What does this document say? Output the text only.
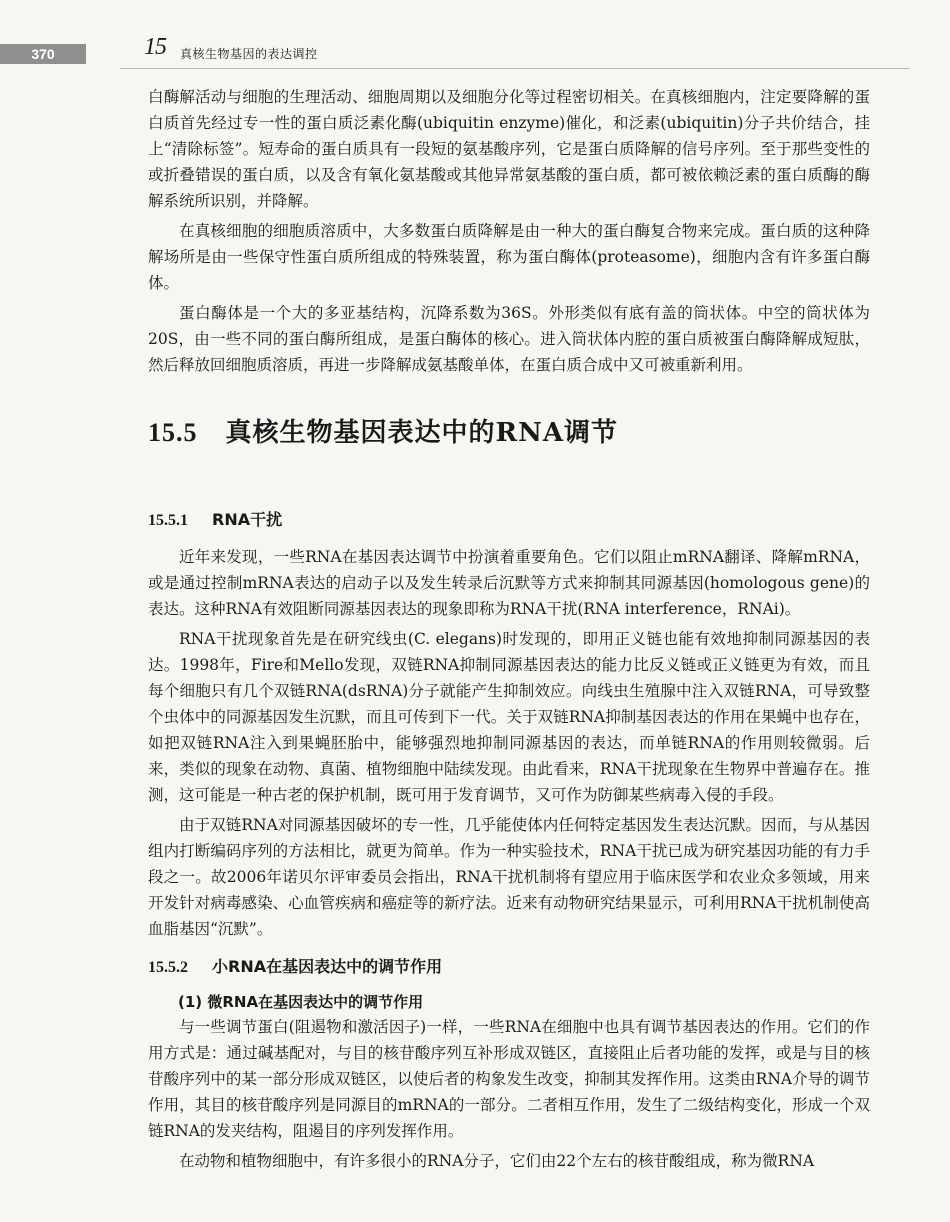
370	15 真核生物基因的表达调控

白酶解活动与细胞的生理活动、细胞周期以及细胞分化等过程密切相关。在真核细胞内，注定要降解的蛋白质首先经过专一性的蛋白质泛素化酶(ubiquitin enzyme)催化，和泛素(ubiquitin)分子共价结合，挂上“清除标签”。短寿命的蛋白质具有一段短的氨基酸序列，它是蛋白质降解的信号序列。至于那些变性的或折叠错误的蛋白质，以及含有氧化氨基酸或其他异常氨基酸的蛋白质，都可被依赖泛素的蛋白质酶的酶解系统所识别，并降解。

在真核细胞的细胞质溶质中，大多数蛋白质降解是由一种大的蛋白酶复合物来完成。蛋白质的这种降解场所是由一些保守性蛋白质所组成的特殊装置，称为蛋白酶体(proteasome)，细胞内含有许多蛋白酶体。

蛋白酶体是一个大的多亚基结构，沉降系数为36S。外形类似有底有盖的筒状体。中空的筒状体为20S，由一些不同的蛋白酶所组成，是蛋白酶体的核心。进入筒状体内腔的蛋白质被蛋白酶降解成短肽，然后释放回细胞质溶质，再进一步降解成氨基酸单体，在蛋白质合成中又可被重新利用。

15.5 真核生物基因表达中的RNA调节
15.5.1 RNA干扰

近年来发现，一些RNA在基因表达调节中扮演着重要角色。它们以阻止mRNA翻译、降解mRNA，或是通过控制mRNA表达的启动子以及发生转录后沉默等方式来抑制其同源基因(homologous gene)的表达。这种RNA有效阻断同源基因表达的现象即称为RNA干扰(RNA interference，RNAi)。

RNA干扰现象首先是在研究线虫(C. elegans)时发现的，即用正义链也能有效地抑制同源基因的表达。1998年，Fire和Mello发现，双链RNA抑制同源基因表达的能力比反义链或正义链更为有效，而且每个细胞只有几个双链RNA(dsRNA)分子就能产生抑制效应。向线虫生殖腺中注入双链RNA，可导致整个虫体中的同源基因发生沉默，而且可传到下一代。关于双链RNA抑制基因表达的作用在果蝇中也存在，如把双链RNA注入到果蝇胚胎中，能够强烈地抑制同源基因的表达，而单链RNA的作用则较微弱。后来，类似的现象在动物、真菌、植物细胞中陆续发现。由此看来，RNA干扰现象在生物界中普遍存在。推测，这可能是一种古老的保护机制，既可用于发育调节，又可作为防御某些病毒入侵的手段。

由于双链RNA对同源基因破坏的专一性，几乎能使体内任何特定基因发生表达沉默。因而，与从基因组内打断编码序列的方法相比，就更为简单。作为一种实验技术，RNA干扰已成为研究基因功能的有力手段之一。故2006年诺贝尔评审委员会指出，RNA干扰机制将有望应用于临床医学和农业众多领域，用来开发针对病毒感染、心血管疾病和癌症等的新疗法。近来有动物研究结果显示，可利用RNA干扰机制使高血脂基因“沉默”。

15.5.2 小RNA在基因表达中的调节作用
(1) 微RNA在基因表达中的调节作用

与一些调节蛋白(阻遏物和激活因子)一样，一些RNA在细胞中也具有调节基因表达的作用。它们的作用方式是：通过碱基配对，与目的核苷酸序列互补形成双链区，直接阻止后者功能的发挥，或是与目的核苷酸序列中的某一部分形成双链区，以使后者的构象发生改变，抑制其发挥作用。这类由RNA介导的调节作用，其目的核苷酸序列是同源目的mRNA的一部分。二者相互作用，发生了二级结构变化，形成一个双链RNA的发夹结构，阻遏目的序列发挥作用。

在动物和植物细胞中，有许多很小的RNA分子，它们由22个左右的核苷酸组成，称为微RNA
